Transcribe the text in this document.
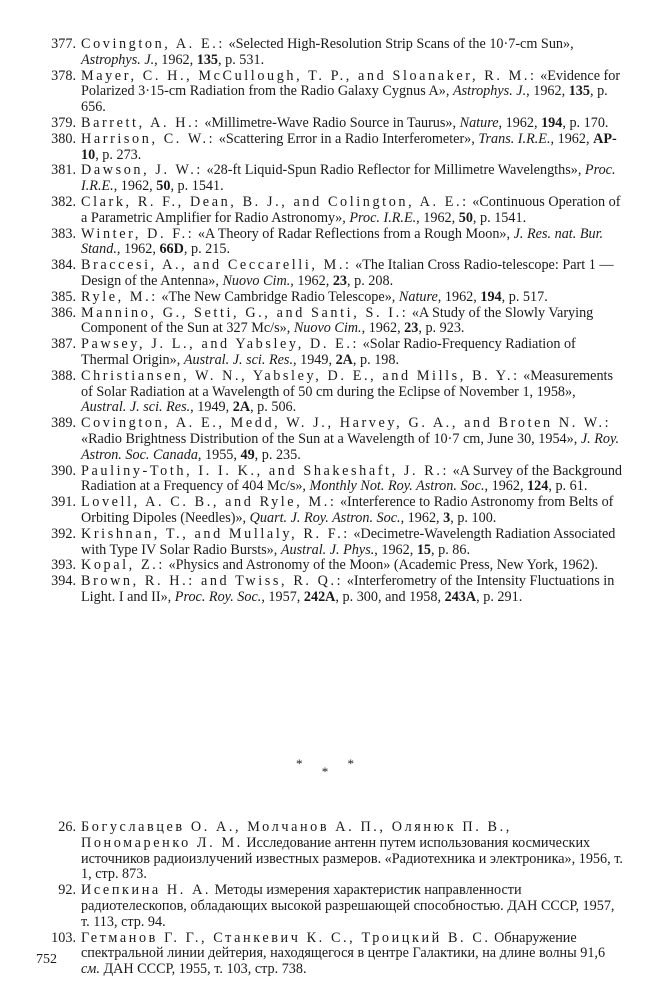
377. Covington, A. E.: «Selected High-Resolution Strip Scans of the 10·7-cm Sun», Astrophys. J., 1962, 135, p. 531.
378. Mayer, C. H., McCullough, T. P., and Sloanaker, R. M.: «Evidence for Polarized 3·15-cm Radiation from the Radio Galaxy Cygnus A», Astrophys. J., 1962, 135, p. 656.
379. Barrett, A. H.: «Millimetre-Wave Radio Source in Taurus», Nature, 1962, 194, p. 170.
380. Harrison, C. W.: «Scattering Error in a Radio Interferometer», Trans. I.R.E., 1962, AP-10, p. 273.
381. Dawson, J. W.: «28-ft Liquid-Spun Radio Reflector for Millimetre Wavelengths», Proc. I.R.E., 1962, 50, p. 1541.
382. Clark, R. F., Dean, B. J., and Colington, A. E.: «Continuous Operation of a Parametric Amplifier for Radio Astronomy», Proc. I.R.E., 1962, 50, p. 1541.
383. Winter, D. F.: «A Theory of Radar Reflections from a Rough Moon», J. Res. nat. Bur. Stand., 1962, 66D, p. 215.
384. Braccesi, A., and Ceccarelli, M.: «The Italian Cross Radio-telescope: Part 1 — Design of the Antenna», Nuovo Cim., 1962, 23, p. 208.
385. Ryle, M.: «The New Cambridge Radio Telescope», Nature, 1962, 194, p. 517.
386. Mannino, G., Setti, G., and Santi, S. I.: «A Study of the Slowly Varying Component of the Sun at 327 Mc/s», Nuovo Cim., 1962, 23, p. 923.
387. Pawsey, J. L., and Yabsley, D. E.: «Solar Radio-Frequency Radiation of Thermal Origin», Austral. J. sci. Res., 1949, 2A, p. 198.
388. Christiansen, W. N., Yabsley, D. E., and Mills, B. Y.: «Measurements of Solar Radiation at a Wavelength of 50 cm during the Eclipse of November 1, 1958», Austral. J. sci. Res., 1949, 2A, p. 506.
389. Covington, A. E., Medd, W. J., Harvey, G. A., and Broten N. W.: «Radio Brightness Distribution of the Sun at a Wavelength of 10·7 cm, June 30, 1954», J. Roy. Astron. Soc. Canada, 1955, 49, p. 235.
390. Pauliny-Toth, I. I. K., and Shakeshaft, J. R.: «A Survey of the Background Radiation at a Frequency of 404 Mc/s», Monthly Not. Roy. Astron. Soc., 1962, 124, p. 61.
391. Lovell, A. C. B., and Ryle, M.: «Interference to Radio Astronomy from Belts of Orbiting Dipoles (Needles)», Quart. J. Roy. Astron. Soc., 1962, 3, p. 100.
392. Krishnan, T., and Mullaly, R. F.: «Decimetre-Wavelength Radiation Associated with Type IV Solar Radio Bursts», Austral. J. Phys., 1962, 15, p. 86.
393. Kopal, Z.: «Physics and Astronomy of the Moon» (Academic Press, New York, 1962).
394. Brown, R. H.: and Twiss, R. Q.: «Interferometry of the Intensity Fluctuations in Light. I and II», Proc. Roy. Soc., 1957, 242A, p. 300, and 1958, 243A, p. 291.
* * *
26. Богуславцев О. А., Молчанов А. П., Олянюк П. В., Пономаренко Л. М. Исследование антенн путем использования космических источников радиоизлучений известных размеров. «Радиотехника и электроника», 1956, т. 1, стр. 873.
92. Исепкина Н. А. Методы измерения характеристик направленности радиотелескопов, обладающих высокой разрешающей способностью. ДАН СССР, 1957, т. 113, стр. 94.
103. Гетманов Г. Г., Станкевич К. С., Троицкий В. С. Обнаружение спектральной линии дейтерия, находящегося в центре Галактики, на длине волны 91,6 см. ДАН СССР, 1955, т. 103, стр. 738.
752
